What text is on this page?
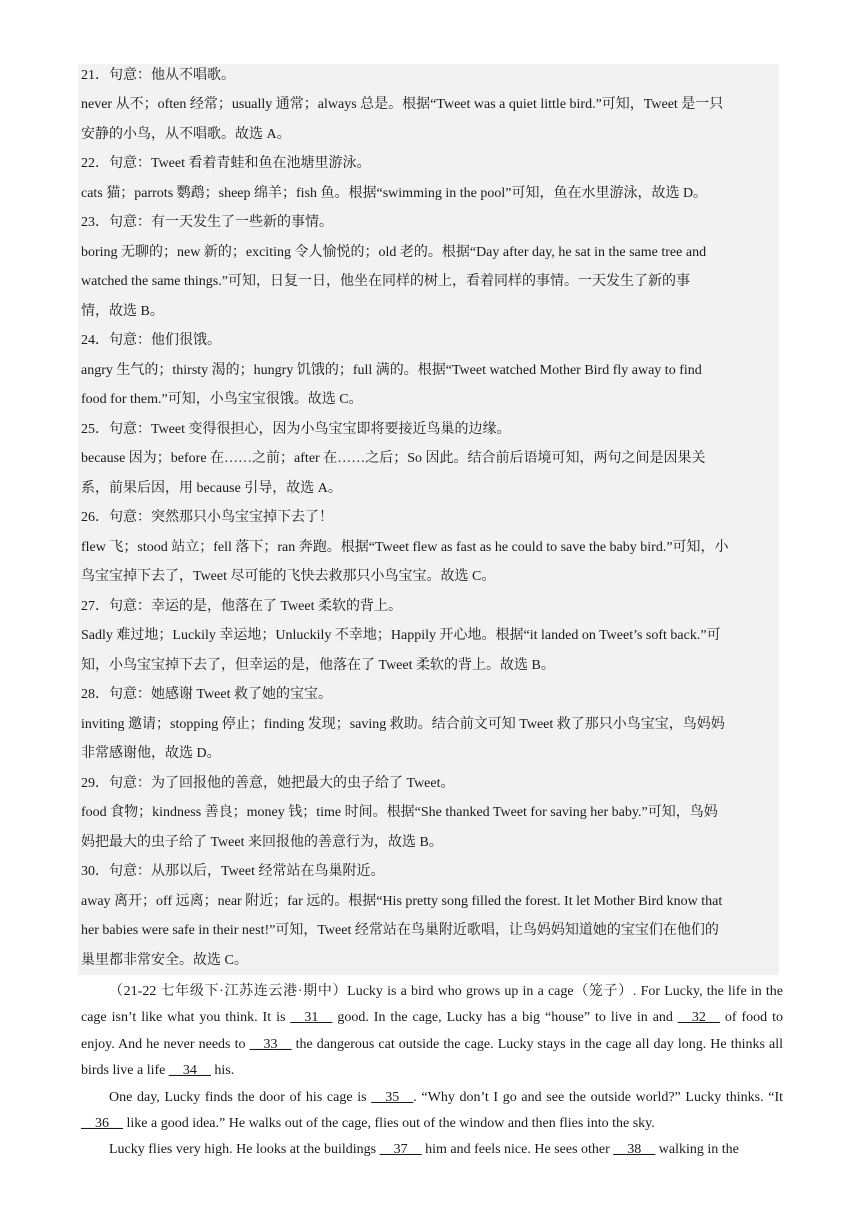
21．句意：他从不唱歌。
never 从不；often 经常；usually 通常；always 总是。根据“Tweet was a quiet little bird.”可知，Tweet 是一只
安静的小鸟，从不唱歌。故选 A。
22．句意：Tweet 看着青蛙和鱼在池塘里游泳。
cats 猫；parrots 鹦鹉；sheep 绵羊；fish 鱼。根据“swimming in the pool”可知，鱼在水里游泳，故选 D。
23．句意：有一天发生了一些新的事情。
boring 无聊的；new 新的；exciting 令人愉悦的；old 老的。根据“Day after day, he sat in the same tree and
watched the same things.”可知，日复一日，他坐在同样的树上，看着同样的事情。一天发生了新的事
情，故选 B。
24．句意：他们很饿。
angry 生气的；thirsty 渴的；hungry 饥饿的；full 满的。根据“Tweet watched Mother Bird fly away to find
food for them.”可知，小鸟宝宝很饿。故选 C。
25．句意：Tweet 变得很担心，因为小鸟宝宝即将要接近鸟巢的边缘。
because 因为；before 在……之前；after 在……之后；So 因此。结合前后语境可知，两句之间是因果关
系，前果后因，用 because 引导，故选 A。
26．句意：突然那只小鸟宝宝掉下去了！
flew 飞；stood 站立；fell 落下；ran 奔跑。根据“Tweet flew as fast as he could to save the baby bird.”可知，小
鸟宝宝掉下去了，Tweet 尽可能的飞快去救那只小鸟宝宝。故选 C。
27．句意：幸运的是，他落在了 Tweet 柔软的背上。
Sadly 难过地；Luckily 幸运地；Unluckily 不幸地；Happily 开心地。根据“it landed on Tweet’s soft back.”可
知，小鸟宝宝掉下去了，但幸运的是，他落在了 Tweet 柔软的背上。故选 B。
28．句意：她感谢 Tweet 救了她的宝宝。
inviting 邀请；stopping 停止；finding 发现；saving 救助。结合前文可知 Tweet 救了那只小鸟宝宝，鸟妈妈
非常感谢他，故选 D。
29．句意：为了回报他的善意，她把最大的虫子给了 Tweet。
food 食物；kindness 善良；money 钱；time 时间。根据“She thanked Tweet for saving her baby.”可知，鸟妈
妈把最大的虫子给了 Tweet 来回报他的善意行为，故选 B。
30．句意：从那以后，Tweet 经常站在鸟巢附近。
away 离开；off 远离；near 附近；far 远的。根据“His pretty song filled the forest. It let Mother Bird know that
her babies were safe in their nest!”可知，Tweet 经常站在鸟巢附近歌唱，让鸟妈妈知道她的宝宝们在他们的
巢里都非常安全。故选 C。

（21-22 七年级下·江苏连云港·期中）Lucky is a bird who grows up in a cage（笼子）. For Lucky, the life in the cage isn’t like what you think. It is __31__ good. In the cage, Lucky has a big “house” to live in and __32__ of food to enjoy. And he never needs to __33__ the dangerous cat outside the cage. Lucky stays in the cage all day long. He thinks all birds live a life __34__ his.

One day, Lucky finds the door of his cage is __35__. “Why don’t I go and see the outside world?” Lucky thinks. “It __36__ like a good idea.” He walks out of the cage, flies out of the window and then flies into the sky.

Lucky flies very high. He looks at the buildings __37__ him and feels nice. He sees other __38__ walking in the
